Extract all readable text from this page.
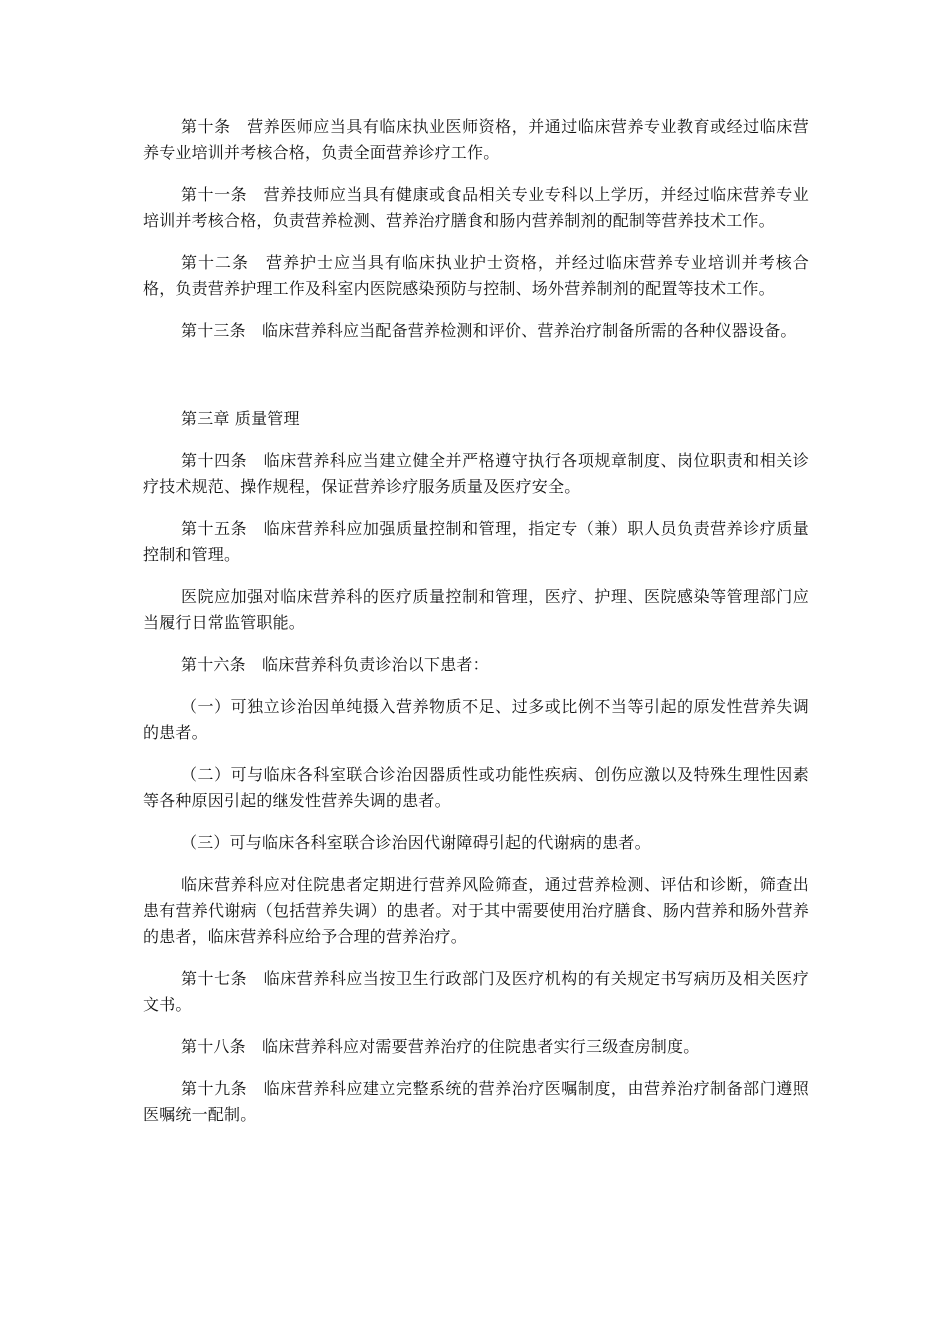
第十条　营养医师应当具有临床执业医师资格，并通过临床营养专业教育或经过临床营养专业培训并考核合格，负责全面营养诊疗工作。

第十一条　营养技师应当具有健康或食品相关专业专科以上学历，并经过临床营养专业培训并考核合格，负责营养检测、营养治疗膳食和肠内营养制剂的配制等营养技术工作。

第十二条　营养护士应当具有临床执业护士资格，并经过临床营养专业培训并考核合格，负责营养护理工作及科室内医院感染预防与控制、场外营养制剂的配置等技术工作。

第十三条　临床营养科应当配备营养检测和评价、营养治疗制备所需的各种仪器设备。

第三章 质量管理

第十四条　临床营养科应当建立健全并严格遵守执行各项规章制度、岗位职责和相关诊疗技术规范、操作规程，保证营养诊疗服务质量及医疗安全。

第十五条　临床营养科应加强质量控制和管理，指定专（兼）职人员负责营养诊疗质量控制和管理。

医院应加强对临床营养科的医疗质量控制和管理，医疗、护理、医院感染等管理部门应当履行日常监管职能。

第十六条　临床营养科负责诊治以下患者：

（一）可独立诊治因单纯摄入营养物质不足、过多或比例不当等引起的原发性营养失调的患者。

（二）可与临床各科室联合诊治因器质性或功能性疾病、创伤应激以及特殊生理性因素等各种原因引起的继发性营养失调的患者。

（三）可与临床各科室联合诊治因代谢障碍引起的代谢病的患者。

临床营养科应对住院患者定期进行营养风险筛查，通过营养检测、评估和诊断，筛查出患有营养代谢病（包括营养失调）的患者。对于其中需要使用治疗膳食、肠内营养和肠外营养的患者，临床营养科应给予合理的营养治疗。

第十七条　临床营养科应当按卫生行政部门及医疗机构的有关规定书写病历及相关医疗文书。

第十八条　临床营养科应对需要营养治疗的住院患者实行三级查房制度。

第十九条　临床营养科应建立完整系统的营养治疗医嘱制度，由营养治疗制备部门遵照医嘱统一配制。
